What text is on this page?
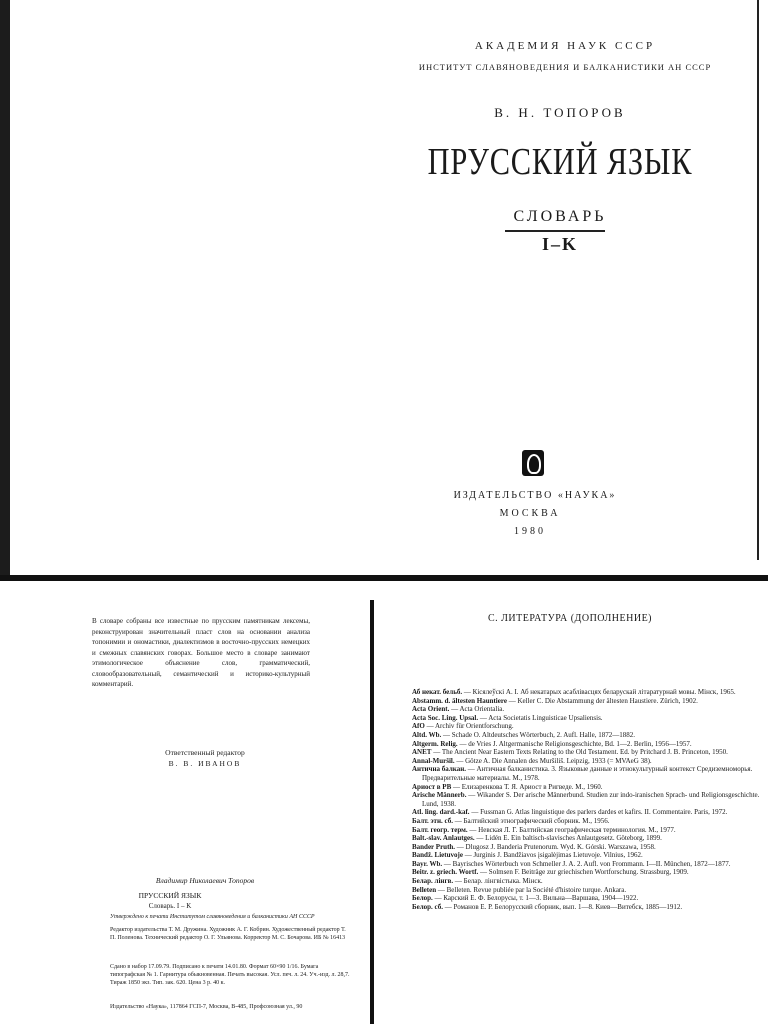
АКАДЕМИЯ НАУК СССР
ИНСТИТУТ СЛАВЯНОВЕДЕНИЯ И БАЛКАНИСТИКИ АН СССР
В. Н. ТОПОРОВ
ПРУССКИЙ ЯЗЫК
СЛОВАРЬ
I–K
ИЗДАТЕЛЬСТВО «НАУКА»
МОСКВА
1980
В словаре собраны все известные по прусским памятникам лексемы, реконструирован значительный пласт слов на основании анализа топонимии и ономастики, диалектизмов в восточно-прусских немецких и смежных славянских говорах. Большое место в словаре занимают этимологическое объяснение слов, грамматический, словообразовательный, семантический и историко-культурный комментарий.
Ответственный редактор
В. В. ИВАНОВ
Владимир Николаевич Топоров
ПРУССКИЙ ЯЗЫК
Словарь. I – K
Утверждено к печати Институтом славяноведения и балканистики АН СССР
Редактор издательства Т. М. Дружина. Художник А. Г. Кобрин. Художественный редактор Т. П. Поленова. Технический редактор О. Г. Ульянова. Корректор М. С. Бочарова. ИБ № 16413
Сдано в набор 17.09.79. Подписано к печати 14.01.80. Формат 60×90 1/16. Бумага типографская № 1. Гарнитура обыкновенная. Печать высокая. Усл. печ. л. 24. Уч.-изд. л. 28,7. Тираж 1850 экз. Тип. зак. 620. Цена 3 р. 40 к.
Издательство «Наука», 117864 ГСП-7, Москва, В-485, Профсоюзная ул., 90
С. ЛИТЕРАТУРА (ДОПОЛНЕНИЕ)

Аб некат. бельб. — Кісялеўскі А. І. Аб некатарых асаблівасцях беларускай літаратурнай мовы. Мінск, 1965.

Abstamm. d. ältesten Hauntiere — Keller C. Die Abstammung der ältesten Haustiere. Zürich, 1902.

Acta Orient. — Acta Orientalia.

Acta Soc. Ling. Upsal. — Acta Societatis Linguisticae Upsaliensis.

AfO — Archiv für Orientforschung.

Altd. Wb. — Schade O. Altdeutsches Wörterbuch, 2. Aufl. Halle, 1872—1882.

Altgerm. Relig. — de Vries J. Altgermanische Religionsgeschichte, Bd. 1—2. Berlin, 1956—1957.

ANET — The Ancient Near Eastern Texts Relating to the Old Testament. Ed. by Pritchard J. B. Princeton, 1950.

Annal-Muršil. — Götze A. Die Annalen des Muršiliš. Leipzig, 1933 (= MVAeG 38).

Антична балкан. — Античная балканистика. 3. Языковые данные и этнокультурный контекст Средиземноморья. Предварительные материалы. М., 1978.

Ариост в РВ — Елизаренкова Т. Я. Ариост в Ригведе. М., 1960.

Arische Männerb. — Wikander S. Der arische Männerbund. Studien zur indo-iranischen Sprach- und Religionsgeschichte. Lund, 1938.

Atl. ling. dard.-kaf. — Fussman G. Atlas linguistique des parlers dardes et kafirs. II. Commentaire. Paris, 1972.

Балт. этн. сб. — Балтийский этнографический сборник. М., 1956.

Балт. геогр. терм. — Невская Л. Г. Балтийская географическая терминология. М., 1977.

Balt.-slav. Anlautges. — Lidén E. Ein baltisch-slavisches Anlautgesetz. Göteborg, 1899.

Bander Pruth. — Dlugosz J. Banderia Prutenorum. Wyd. K. Górski. Warszawa, 1958.

Bandž. Lietuvoje — Jurginis J. Bandžiavos įsigalėjimas Lietuvoje. Vilnius, 1962.

Bayr. Wb. — Bayrisches Wörterbuch von Schmeller J. A. 2. Aufl. von Frommann. I—II. München, 1872—1877.

Beitr. z. griech. Wortf. — Solmsen F. Beiträge zur griechischen Wortforschung. Strassburg, 1909.

Белар. лінгв. — Белар. лінгвістыка. Мінск.

Belleten — Belleten. Revue publiée par la Société d'histoire turque. Ankara.

Белор. — Карский Е. Ф. Белорусы, т. 1—3. Вильна—Варшава, 1904—1922.

Белор. сб. — Романов Е. Р. Белорусский сборник, вып. 1—8. Киев—Витебск, 1885—1912.
